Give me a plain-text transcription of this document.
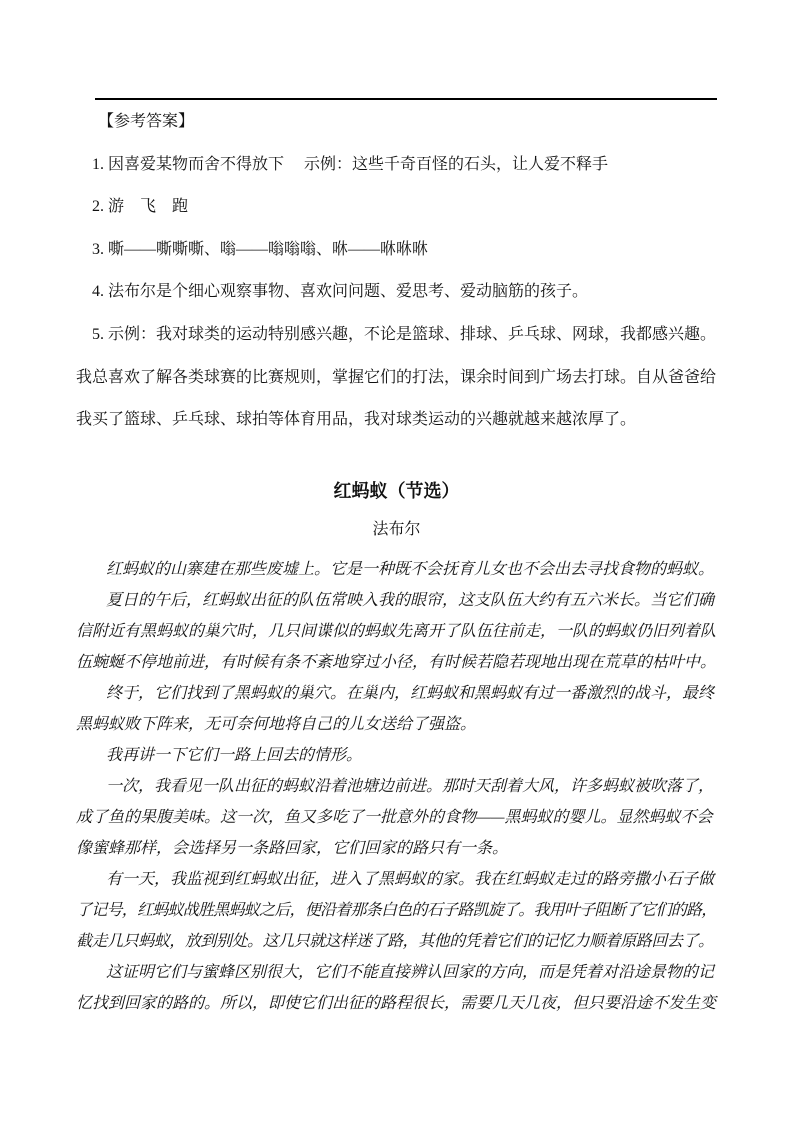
【参考答案】
1. 因喜爱某物而舍不得放下　 示例：这些千奇百怪的石头，让人爱不释手
2. 游　飞　跑
3. 嘶——嘶嘶嘶、嗡——嗡嗡嗡、咻——咻咻咻
4. 法布尔是个细心观察事物、喜欢问问题、爱思考、爱动脑筋的孩子。
5. 示例：我对球类的运动特别感兴趣，不论是篮球、排球、乒乓球、网球，我都感兴趣。
我总喜欢了解各类球赛的比赛规则，掌握它们的打法，课余时间到广场去打球。自从爸爸给
我买了篮球、乒乓球、球拍等体育用品，我对球类运动的兴趣就越来越浓厚了。
红蚂蚁（节选）
法布尔
红蚂蚁的山寨建在那些废墟上。它是一种既不会抚育儿女也不会出去寻找食物的蚂蚁。
夏日的午后，红蚂蚁出征的队伍常映入我的眼帘，这支队伍大约有五六米长。当它们确
信附近有黑蚂蚁的巢穴时，几只间谍似的蚂蚁先离开了队伍往前走，一队的蚂蚁仍旧列着队
伍蜿蜒不停地前进，有时候有条不紊地穿过小径，有时候若隐若现地出现在荒草的枯叶中。
终于，它们找到了黑蚂蚁的巢穴。在巢内，红蚂蚁和黑蚂蚁有过一番激烈的战斗，最终
黑蚂蚁败下阵来，无可奈何地将自己的儿女送给了强盗。
我再讲一下它们一路上回去的情形。
一次，我看见一队出征的蚂蚁沿着池塘边前进。那时天刮着大风，许多蚂蚁被吹落了，
成了鱼的果腹美味。这一次，鱼又多吃了一批意外的食物——黑蚂蚁的婴儿。显然蚂蚁不会
像蜜蜂那样，会选择另一条路回家，它们回家的路只有一条。
有一天，我监视到红蚂蚁出征，进入了黑蚂蚁的家。我在红蚂蚁走过的路旁撒小石子做
了记号，红蚂蚁战胜黑蚂蚁之后，便沿着那条白色的石子路凯旋了。我用叶子阻断了它们的路，
截走几只蚂蚁，放到别处。这几只就这样迷了路，其他的凭着它们的记忆力顺着原路回去了。
这证明它们与蜜蜂区别很大，它们不能直接辨认回家的方向，而是凭着对沿途景物的记
忆找到回家的路的。所以，即使它们出征的路程很长，需要几天几夜，但只要沿途不发生变
